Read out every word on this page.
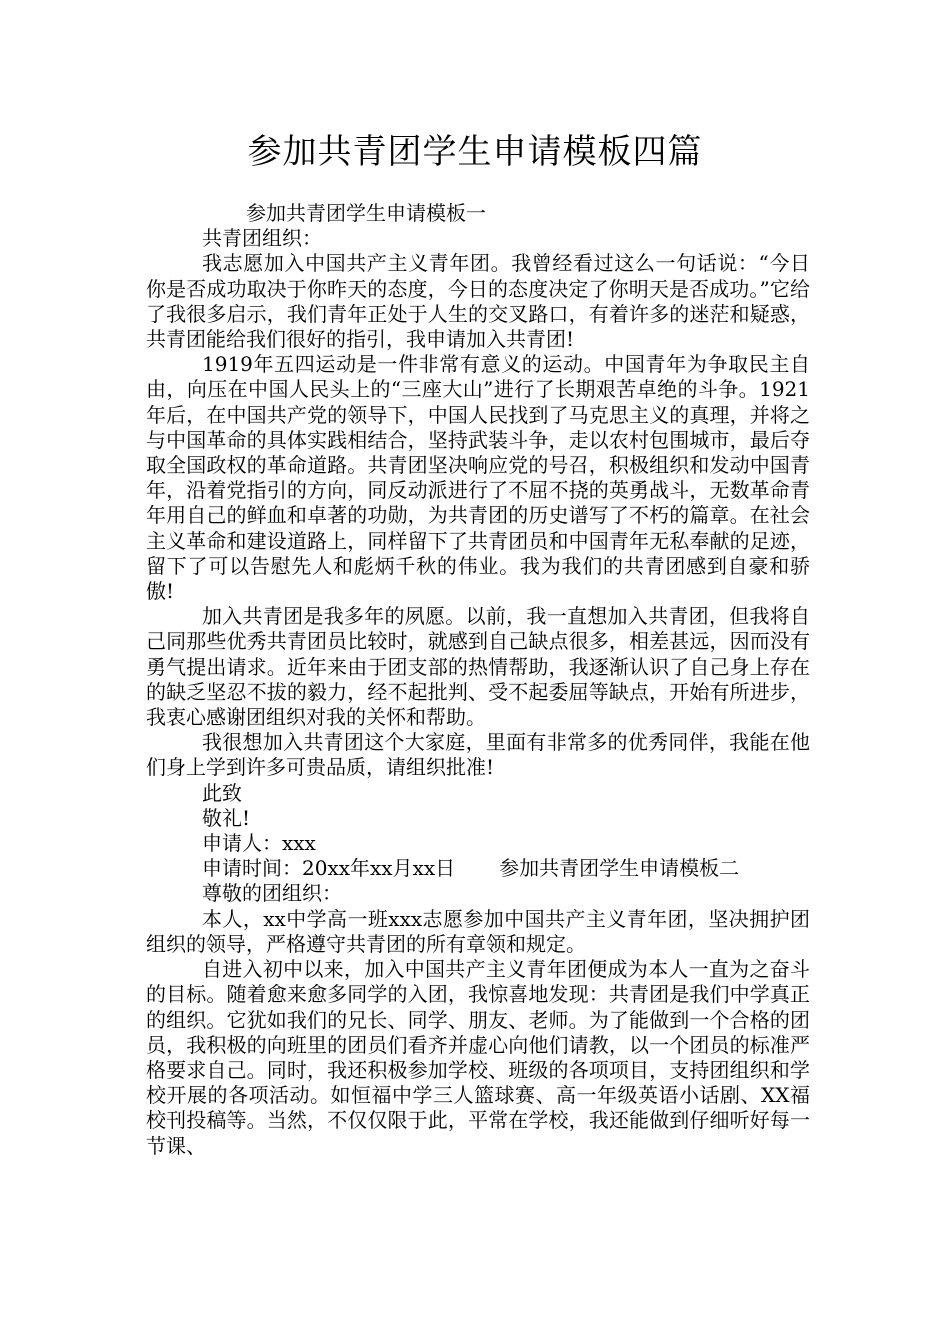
参加共青团学生申请模板四篇

参加共青团学生申请模板一

共青团组织：

我志愿加入中国共产主义青年团。我曾经看过这么一句话说：“今日你是否成功取决于你昨天的态度，今日的态度决定了你明天是否成功。”它给了我很多启示，我们青年正处于人生的交叉路口，有着许多的迷茫和疑惑，共青团能给我们很好的指引，我申请加入共青团!

1919年五四运动是一件非常有意义的运动。中国青年为争取民主自由，向压在中国人民头上的“三座大山”进行了长期艰苦卓绝的斗争。1921年后，在中国共产党的领导下，中国人民找到了马克思主义的真理，并将之与中国革命的具体实践相结合，坚持武装斗争，走以农村包围城市，最后夺取全国政权的革命道路。共青团坚决响应党的号召，积极组织和发动中国青年，沿着党指引的方向，同反动派进行了不屈不挠的英勇战斗，无数革命青年用自己的鲜血和卓著的功勋，为共青团的历史谱写了不朽的篇章。在社会主义革命和建设道路上，同样留下了共青团员和中国青年无私奉献的足迹，留下了可以告慰先人和彪炳千秋的伟业。我为我们的共青团感到自豪和骄傲!

加入共青团是我多年的夙愿。以前，我一直想加入共青团，但我将自己同那些优秀共青团员比较时，就感到自己缺点很多，相差甚远，因而没有勇气提出请求。近年来由于团支部的热情帮助，我逐渐认识了自己身上存在的缺乏坚忍不拔的毅力，经不起批判、受不起委屈等缺点，开始有所进步，我衷心感谢团组织对我的关怀和帮助。

我很想加入共青团这个大家庭，里面有非常多的优秀同伴，我能在他们身上学到许多可贵品质，请组织批准!

此致

敬礼!

申请人：xxx

申请时间：20xx年xx月xx日 参加共青团学生申请模板二

尊敬的团组织：

本人，xx中学高一班xxx志愿参加中国共产主义青年团，坚决拥护团组织的领导，严格遵守共青团的所有章领和规定。

自进入初中以来，加入中国共产主义青年团便成为本人一直为之奋斗的目标。随着愈来愈多同学的入团，我惊喜地发现：共青团是我们中学真正的组织。它犹如我们的兄长、同学、朋友、老师。为了能做到一个合格的团员，我积极的向班里的团员们看齐并虚心向他们请教，以一个团员的标准严格要求自己。同时，我还积极参加学校、班级的各项项目，支持团组织和学校开展的各项活动。如恒福中学三人篮球赛、高一年级英语小话剧、XX福校刊投稿等。当然，不仅仅限于此，平常在学校，我还能做到仔细听好每一节课、
